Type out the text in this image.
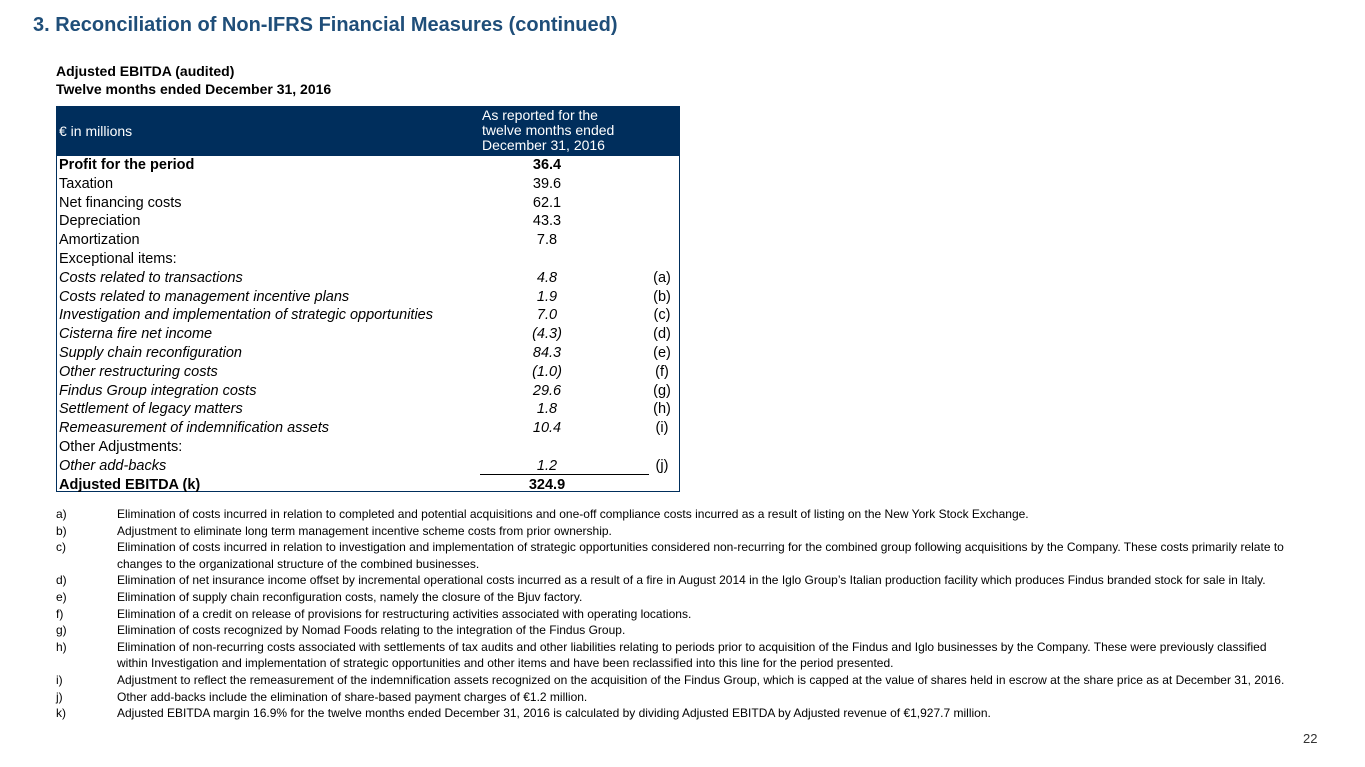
3. Reconciliation of Non-IFRS Financial Measures (continued)
Adjusted EBITDA (audited)
Twelve months ended December 31, 2016
€ in millions
As reported for the
twelve months ended
December 31, 2016
Profit for the period	36.4
Taxation	39.6
Net financing costs	62.1
Depreciation	43.3
Amortization	7.8
Exceptional items:
Costs related to transactions	4.8	(a)
Costs related to management incentive plans	1.9	(b)
Investigation and implementation of strategic opportunities	7.0	(c)
Cisterna fire net income	(4.3)	(d)
Supply chain reconfiguration	84.3	(e)
Other restructuring costs	(1.0)	(f)
Findus Group integration costs	29.6	(g)
Settlement of legacy matters	1.8	(h)
Remeasurement of indemnification assets	10.4	(i)
Other Adjustments:
Other add-backs	1.2	(j)
Adjusted EBITDA (k)	324.9
a)	Elimination of costs incurred in relation to completed and potential acquisitions and one-off compliance costs incurred as a result of listing on the New York Stock Exchange.
b)	Adjustment to eliminate long term management incentive scheme costs from prior ownership.
c)	Elimination of costs incurred in relation to investigation and implementation of strategic opportunities considered non-recurring for the combined group following acquisitions by the Company. These costs primarily relate to changes to the organizational structure of the combined businesses.
d)	Elimination of net insurance income offset by incremental operational costs incurred as a result of a fire in August 2014 in the Iglo Group’s Italian production facility which produces Findus branded stock for sale in Italy.
e)	Elimination of supply chain reconfiguration costs, namely the closure of the Bjuv factory.
f)	Elimination of a credit on release of provisions for restructuring activities associated with operating locations.
g)	Elimination of costs recognized by Nomad Foods relating to the integration of the Findus Group.
h)	Elimination of non-recurring costs associated with settlements of tax audits and other liabilities relating to periods prior to acquisition of the Findus and Iglo businesses by the Company. These were previously classified within Investigation and implementation of strategic opportunities and other items and have been reclassified into this line for the period presented.
i)	Adjustment to reflect the remeasurement of the indemnification assets recognized on the acquisition of the Findus Group, which is capped at the value of shares held in escrow at the share price as at December 31, 2016.
j)	Other add-backs include the elimination of share-based payment charges of €1.2 million.
k)	Adjusted EBITDA margin 16.9% for the twelve months ended December 31, 2016 is calculated by dividing Adjusted EBITDA by Adjusted revenue of €1,927.7 million.
22
